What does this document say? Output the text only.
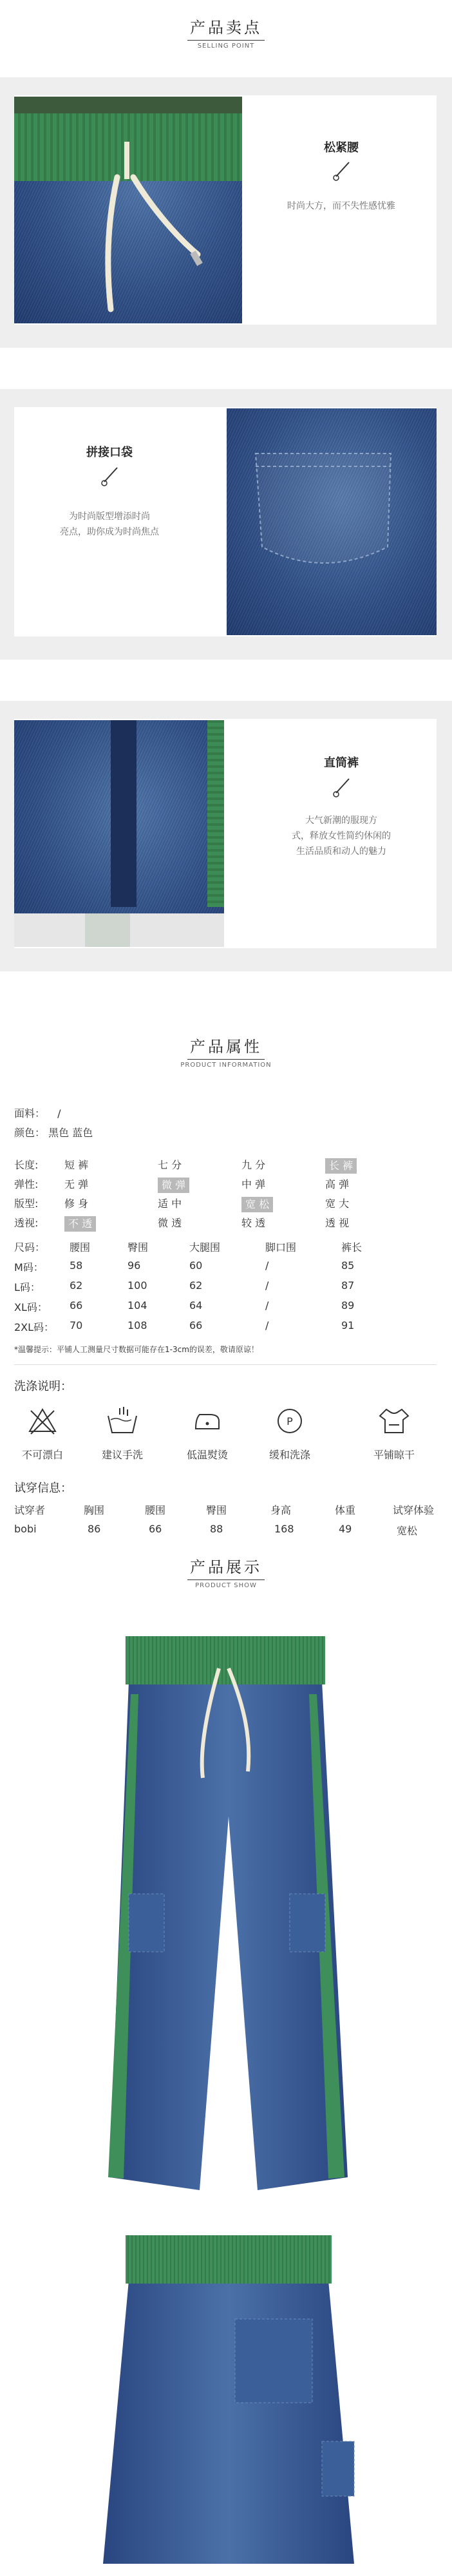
产品卖点
SELLING POINT
松紧腰
时尚大方，而不失性感忧雅
拼接口袋
为时尚版型增添时尚
亮点，助你成为时尚焦点
直筒裤
大气新潮的服现方
式，释放女性简约休闲的
生活品质和动人的魅力
产品属性
PRODUCT INFORMATION
面料： /
颜色： 黑色 蓝色
长度:	短 裤	七 分	九 分	长 裤
弹性:	无 弹	微 弹	中 弹	高 弹
版型:	修 身	适 中	宽 松	宽 大
透视:	不 透	微 透	较 透	透 视
尺码： 腰围	臀围	大腿围	脚口围	裤长
M码：	58	96	60	/	85
L码：	62	100	62	/	87
XL码： 66	104	64	/	89
2XL码： 70	108	66	/	91
*温馨提示：平铺人工测量尺寸数据可能存在1-3cm的误差，敬请原谅！
洗涤说明：
P
不可漂白	建议手洗	低温熨烫	缓和洗涤	平铺晾干
试穿信息：
试穿者	胸围	腰围	臀围	身高	体重	试穿体验
bobi	86	66	88	168	49	宽松
产品展示
PRODUCT SHOW
